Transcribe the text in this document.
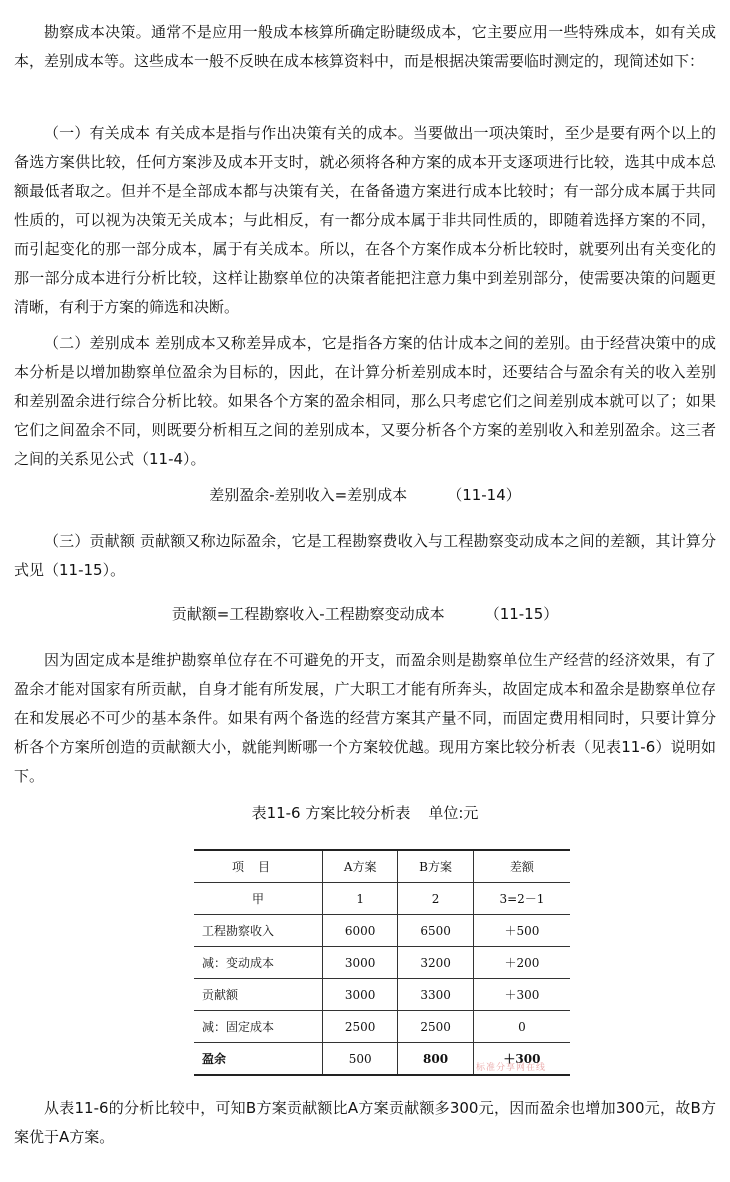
勘察成本决策。通常不是应用一般成本核算所确定盼睫级成本，它主要应用一些特殊成本，如有关成本，差别成本等。这些成本一般不反映在成本核算资料中，而是根据决策需要临时测定的，现简述如下：

（一）有关成本 有关成本是指与作出决策有关的成本。当要做出一项决策时，至少是要有两个以上的备选方案供比较，任何方案涉及成本开支时，就必须将各种方案的成本开支逐项进行比较，选其中成本总额最低者取之。但并不是全部成本都与决策有关，在备备遗方案进行成本比较时；有一部分成本属于共同性质的，可以视为决策无关成本；与此相反，有一都分成本属于非共同性质的，即随着选择方案的不同，而引起变化的那一部分成本，属于有关成本。所以，在各个方案作成本分析比较时，就要列出有关变化的那一部分成本进行分析比较，这样让勘察单位的决策者能把注意力集中到差别部分，使需要决策的问题更清晰，有利于方案的筛选和决断。

（二）差别成本 差别成本又称差异成本，它是指各方案的估计成本之间的差别。由于经营决策中的成本分析是以增加勘察单位盈余为目标的，因此，在计算分析差别成本时，还要结合与盈余有关的收入差别和差别盈余进行综合分析比较。如果各个方案的盈余相同，那么只考虑它们之间差别成本就可以了；如果它们之间盈余不同，则既要分析相互之间的差别成本，又要分析各个方案的差别收入和差别盈余。这三者之间的关系见公式（11-4）。

差别盈余-差别收入=差别成本	（11-14）

（三）贡献额 贡献额又称边际盈余，它是工程勘察费收入与工程勘察变动成本之间的差额，其计算分式见（11-15）。

贡献额=工程勘察收入-工程勘察变动成本	（11-15）

因为固定成本是维护勘察单位存在不可避免的开支，而盈余则是勘察单位生产经营的经济效果，有了盈余才能对国家有所贡献，自身才能有所发展，广大职工才能有所奔头，故固定成本和盈余是勘察单位存在和发展必不可少的基本条件。如果有两个备选的经营方案其产量不同，而固定费用相同时，只要计算分析各个方案所创造的贡献额大小，就能判断哪一个方案较优越。现用方案比较分析表（见表11-6）说明如下。

表11-6 方案比较分析表 单位:元
项目	A方案	B方案	差额
甲	1	2	3=2－1
工程勘察收入	6000	6500	＋500
减：变动成本	3000	3200	＋200
贡献额	3000	3300	＋300
减：固定成本	2500	2500	0
盈余	500	800	＋300
标准分享网在线

从表11-6的分析比较中，可知B方案贡献额比A方案贡献额多300元，因而盈余也增加300元，故B方案优于A方案。
